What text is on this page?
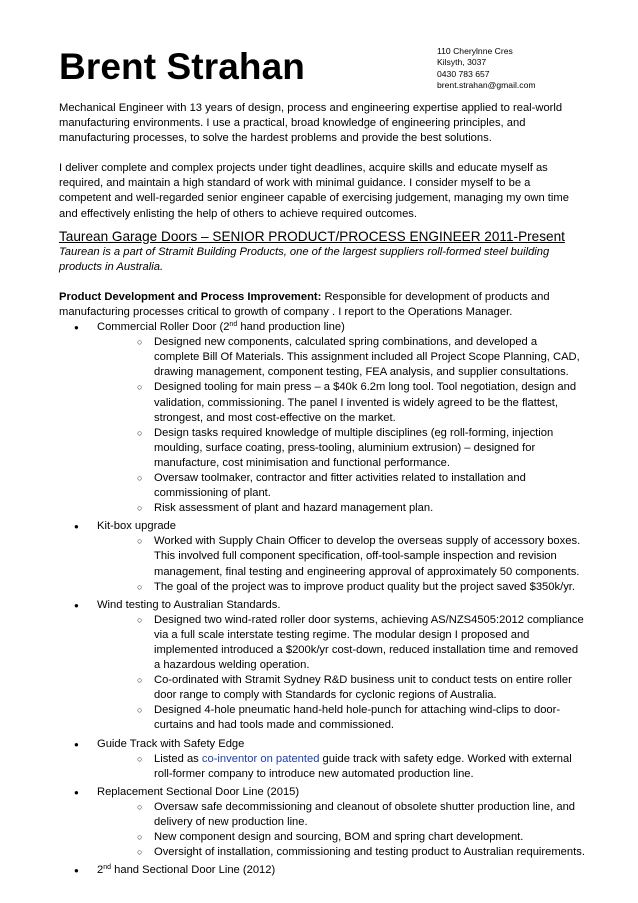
Brent Strahan	110 Cherylnne Cres
Kilsyth, 3037
0430 783 657
brent.strahan@gmail.com

Mechanical Engineer with 13 years of design, process and engineering expertise applied to real-world manufacturing environments. I use a practical, broad knowledge of engineering principles, and manufacturing processes, to solve the hardest problems and provide the best solutions.

I deliver complete and complex projects under tight deadlines, acquire skills and educate myself as required, and maintain a high standard of work with minimal guidance. I consider myself to be a competent and well-regarded senior engineer capable of exercising judgement, managing my own time and effectively enlisting the help of others to achieve required outcomes.

Taurean Garage Doors – SENIOR PRODUCT/PROCESS ENGINEER 2011-Present

Taurean is a part of Stramit Building Products, one of the largest suppliers roll-formed steel building products in Australia.

Product Development and Process Improvement: Responsible for development of products and manufacturing processes critical to growth of company . I report to the Operations Manager.

● Commercial Roller Door (2nd hand production line)
○ Designed new components, calculated spring combinations, and developed a complete Bill Of Materials. This assignment included all Project Scope Planning, CAD, drawing management, component testing, FEA analysis, and supplier consultations.
○ Designed tooling for main press – a $40k 6.2m long tool. Tool negotiation, design and validation, commissioning. The panel I invented is widely agreed to be the flattest, strongest, and most cost-effective on the market.
○ Design tasks required knowledge of multiple disciplines (eg roll-forming, injection moulding, surface coating, press-tooling, aluminium extrusion) – designed for manufacture, cost minimisation and functional performance.
○ Oversaw toolmaker, contractor and fitter activities related to installation and commissioning of plant.
○ Risk assessment of plant and hazard management plan.
● Kit-box upgrade
○ Worked with Supply Chain Officer to develop the overseas supply of accessory boxes. This involved full component specification, off-tool-sample inspection and revision management, final testing and engineering approval of approximately 50 components.
○ The goal of the project was to improve product quality but the project saved $350k/yr.
● Wind testing to Australian Standards.
○ Designed two wind-rated roller door systems, achieving AS/NZS4505:2012 compliance via a full scale interstate testing regime. The modular design I proposed and implemented introduced a $200k/yr cost-down, reduced installation time and removed a hazardous welding operation.
○ Co-ordinated with Stramit Sydney R&D business unit to conduct tests on entire roller door range to comply with Standards for cyclonic regions of Australia.
○ Designed 4-hole pneumatic hand-held hole-punch for attaching wind-clips to door-curtains and had tools made and commissioned.
● Guide Track with Safety Edge
○ Listed as co-inventor on patented guide track with safety edge. Worked with external roll-former company to introduce new automated production line.
● Replacement Sectional Door Line (2015)
○ Oversaw safe decommissioning and cleanout of obsolete shutter production line, and delivery of new production line.
○ New component design and sourcing, BOM and spring chart development.
○ Oversight of installation, commissioning and testing product to Australian requirements.
● 2nd hand Sectional Door Line (2012)
